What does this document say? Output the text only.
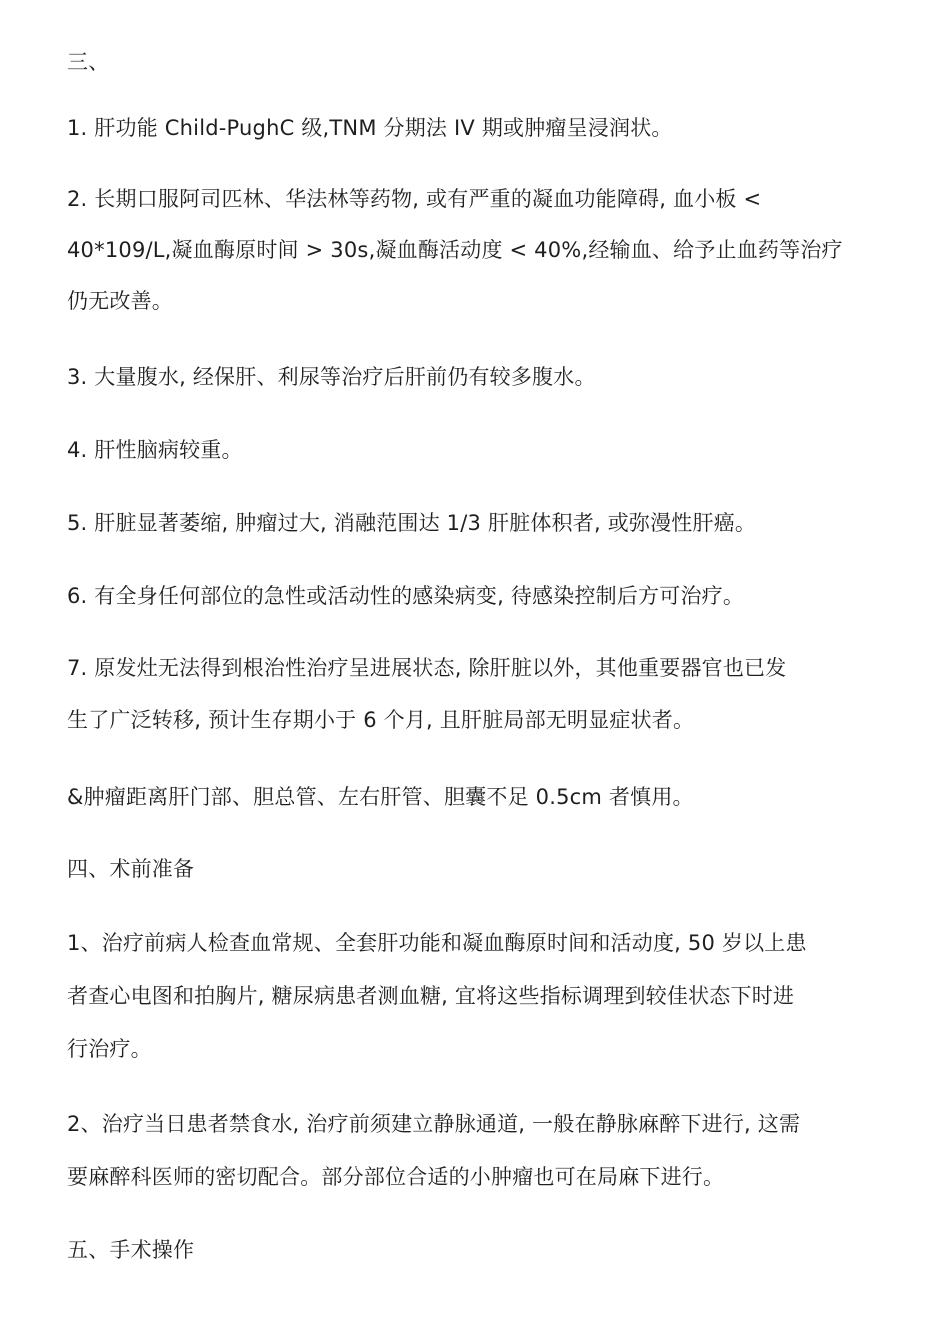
三、
1. 肝功能 Child-PughC 级,TNM 分期法 IV 期或肿瘤呈浸润状。
2. 长期口服阿司匹林、华法林等药物, 或有严重的凝血功能障碍, 血小板 <
40*109/L,凝血酶原时间 > 30s,凝血酶活动度 < 40%,经输血、给予止血药等治疗
仍无改善。
3. 大量腹水, 经保肝、利尿等治疗后肝前仍有较多腹水。
4. 肝性脑病较重。
5. 肝脏显著萎缩, 肿瘤过大, 消融范围达 1/3 肝脏体积者, 或弥漫性肝癌。
6. 有全身任何部位的急性或活动性的感染病变, 待感染控制后方可治疗。
7. 原发灶无法得到根治性治疗呈进展状态, 除肝脏以外，其他重要器官也已发
生了广泛转移, 预计生存期小于 6 个月, 且肝脏局部无明显症状者。
&肿瘤距离肝门部、胆总管、左右肝管、胆囊不足 0.5cm 者慎用。
四、术前准备
1、治疗前病人检查血常规、全套肝功能和凝血酶原时间和活动度, 50 岁以上患
者查心电图和拍胸片, 糖尿病患者测血糖, 宜将这些指标调理到较佳状态下时进
行治疗。
2、治疗当日患者禁食水, 治疗前须建立静脉通道, 一般在静脉麻醉下进行, 这需
要麻醉科医师的密切配合。部分部位合适的小肿瘤也可在局麻下进行。
五、手术操作
